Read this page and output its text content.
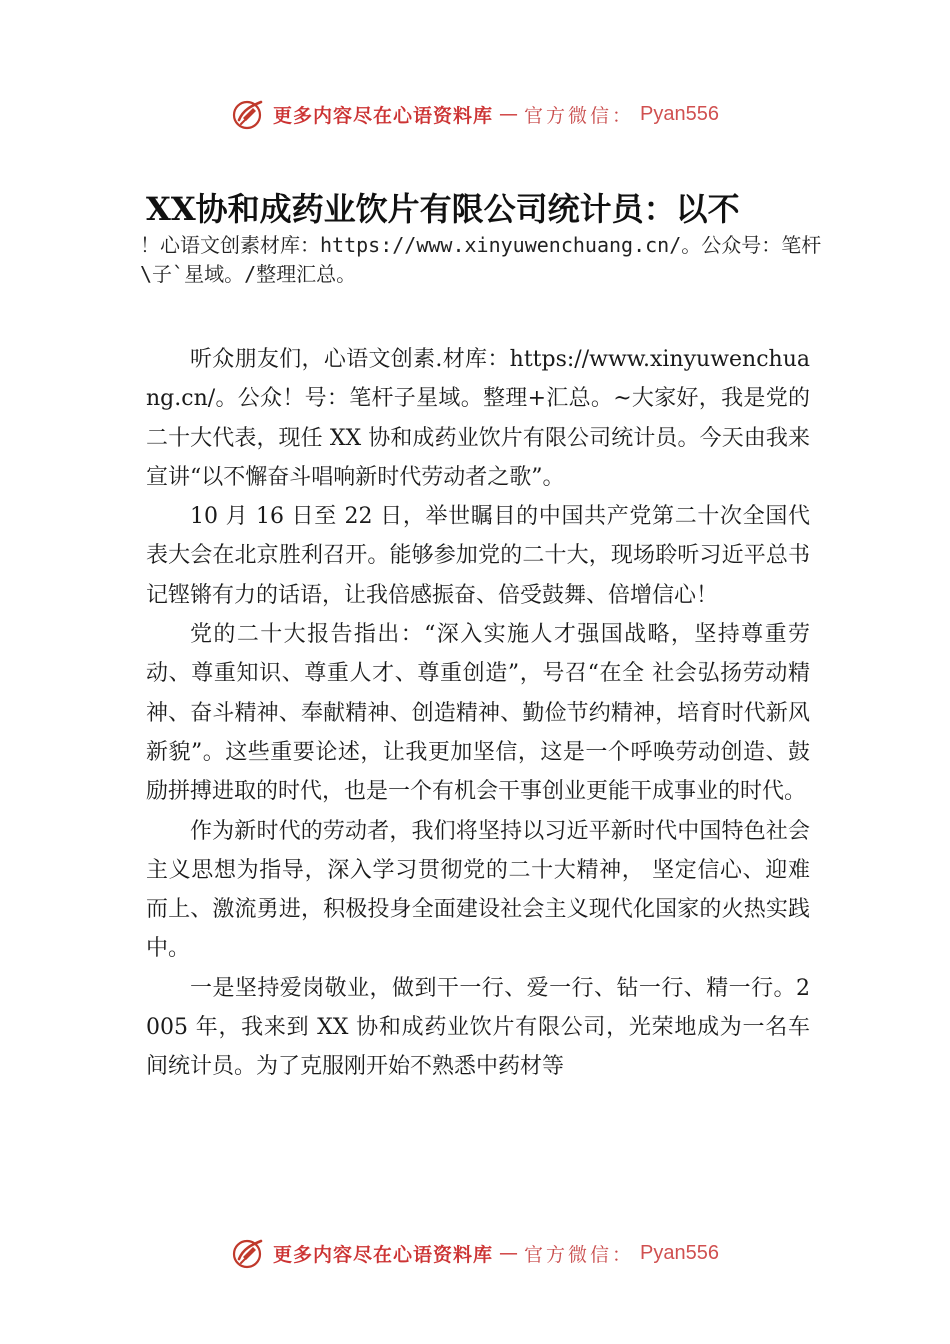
更多内容尽在心语资料库 — 官方微信： Pyan556
XX协和成药业饮片有限公司统计员：以不
！心语文创素材库：https://www.xinyuwenchuang.cn/。公众号：笔杆\子`星域。/整理汇总。

听众朋友们，心语文创素.材库：https://www.xinyuwenchuang.cn/。公众！号：笔杆子星域。整理+汇总。~大家好，我是党的二十大代表，现任 XX 协和成药业饮片有限公司统计员。今天由我来宣讲“以不懈奋斗唱响新时代劳动者之歌”。

10 月 16 日至 22 日，举世瞩目的中国共产党第二十次全国代表大会在北京胜利召开。能够参加党的二十大，现场聆听习近平总书记铿锵有力的话语，让我倍感振奋、倍受鼓舞、倍增信心！

党的二十大报告指出：“深入实施人才强国战略，坚持尊重劳动、尊重知识、尊重人才、尊重创造”，号召“在全 社会弘扬劳动精神、奋斗精神、奉献精神、创造精神、勤俭节约精神，培育时代新风新貌”。这些重要论述，让我更加坚信，这是一个呼唤劳动创造、鼓励拼搏进取的时代，也是一个有机会干事创业更能干成事业的时代。

作为新时代的劳动者，我们将坚持以习近平新时代中国特色社会主义思想为指导，深入学习贯彻党的二十大精神， 坚定信心、迎难而上、激流勇进，积极投身全面建设社会主义现代化国家的火热实践中。

一是坚持爱岗敬业，做到干一行、爱一行、钻一行、精一行。2005 年，我来到 XX 协和成药业饮片有限公司，光荣地成为一名车间统计员。为了克服刚开始不熟悉中药材等

更多内容尽在心语资料库 — 官方微信： Pyan556
